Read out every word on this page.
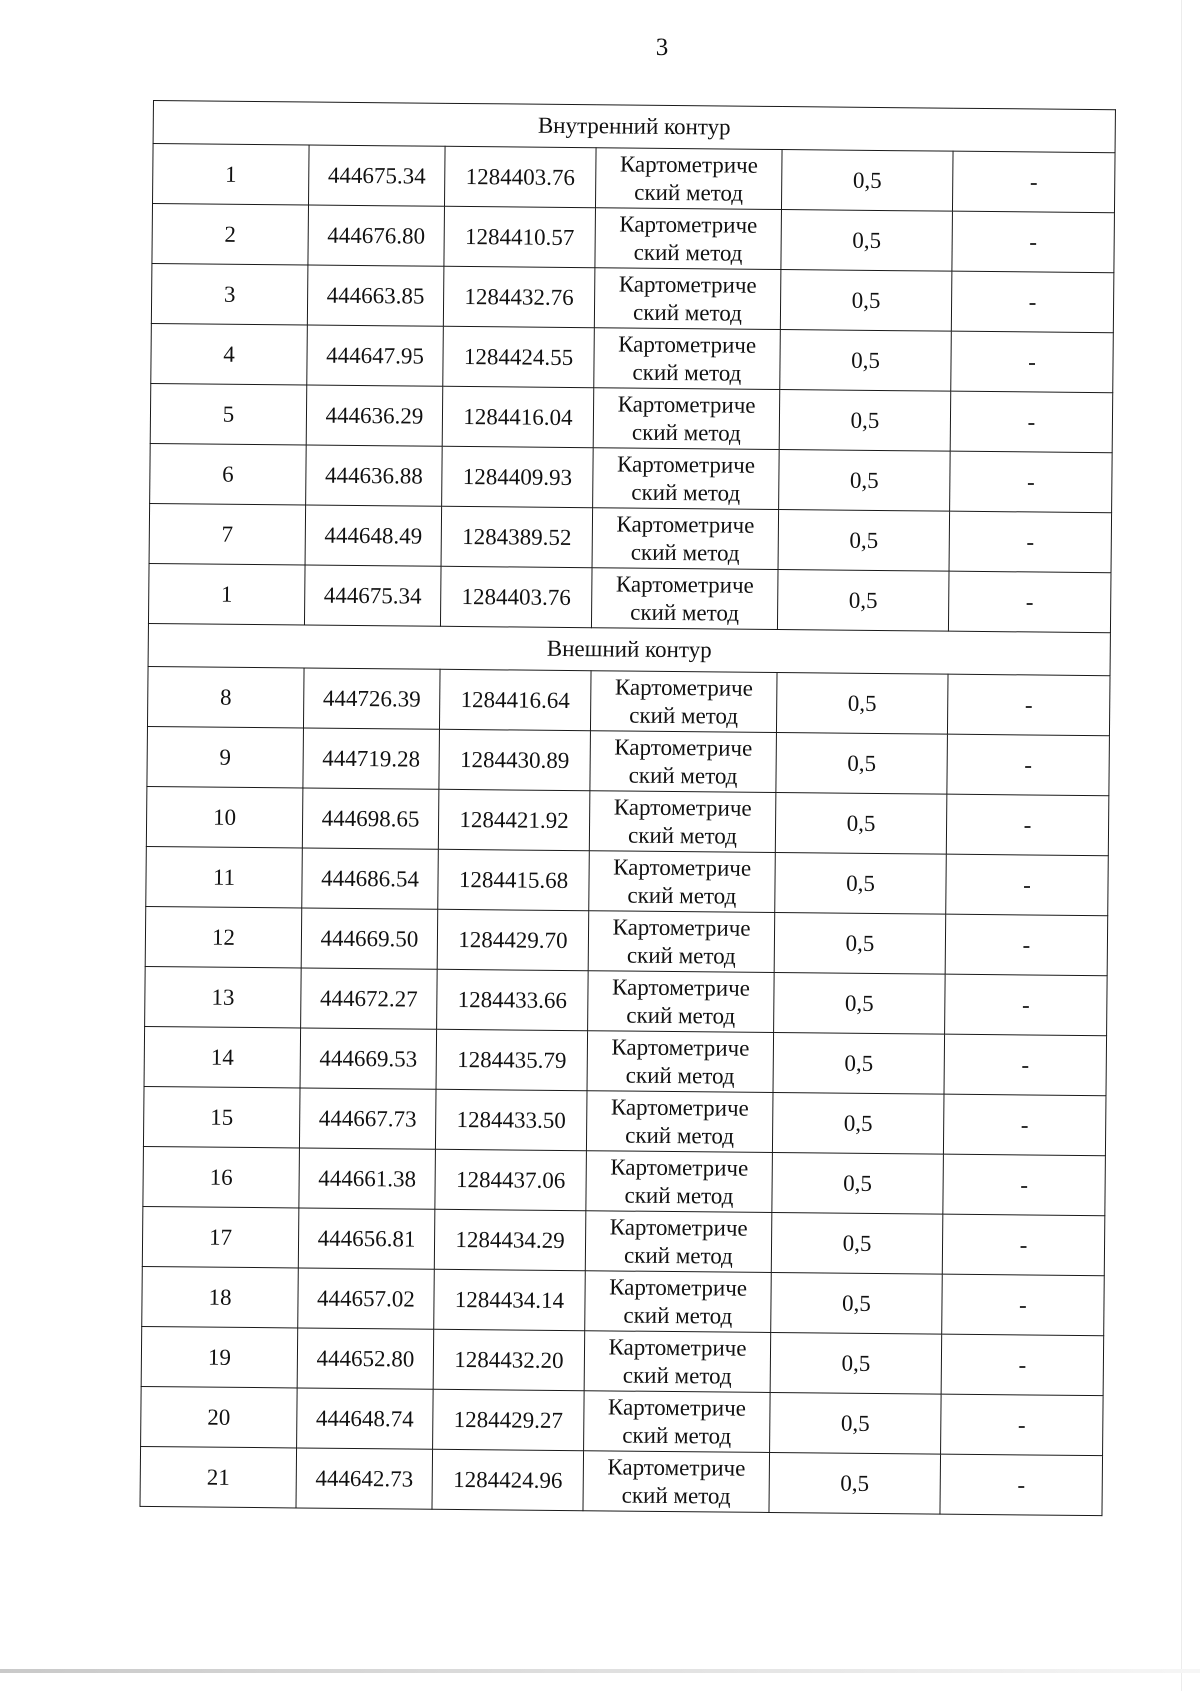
3
Внутренний контур					
1	444675.34	1284403.76	Картометриче
ский метод	0,5	-
2	444676.80	1284410.57	Картометриче
ский метод	0,5	-
3	444663.85	1284432.76	Картометриче
ский метод	0,5	-
4	444647.95	1284424.55	Картометриче
ский метод	0,5	-
5	444636.29	1284416.04	Картометриче
ский метод	0,5	-
6	444636.88	1284409.93	Картометриче
ский метод	0,5	-
7	444648.49	1284389.52	Картометриче
ский метод	0,5	-
1	444675.34	1284403.76	Картометриче
ский метод	0,5	-
Внешний контур					
8	444726.39	1284416.64	Картометриче
ский метод	0,5	-
9	444719.28	1284430.89	Картометриче
ский метод	0,5	-
10	444698.65	1284421.92	Картометриче
ский метод	0,5	-
11	444686.54	1284415.68	Картометриче
ский метод	0,5	-
12	444669.50	1284429.70	Картометриче
ский метод	0,5	-
13	444672.27	1284433.66	Картометриче
ский метод	0,5	-
14	444669.53	1284435.79	Картометриче
ский метод	0,5	-
15	444667.73	1284433.50	Картометриче
ский метод	0,5	-
16	444661.38	1284437.06	Картометриче
ский метод	0,5	-
17	444656.81	1284434.29	Картометриче
ский метод	0,5	-
18	444657.02	1284434.14	Картометриче
ский метод	0,5	-
19	444652.80	1284432.20	Картометриче
ский метод	0,5	-
20	444648.74	1284429.27	Картометриче
ский метод	0,5	-
21	444642.73	1284424.96	Картометриче
ский метод	0,5	-
